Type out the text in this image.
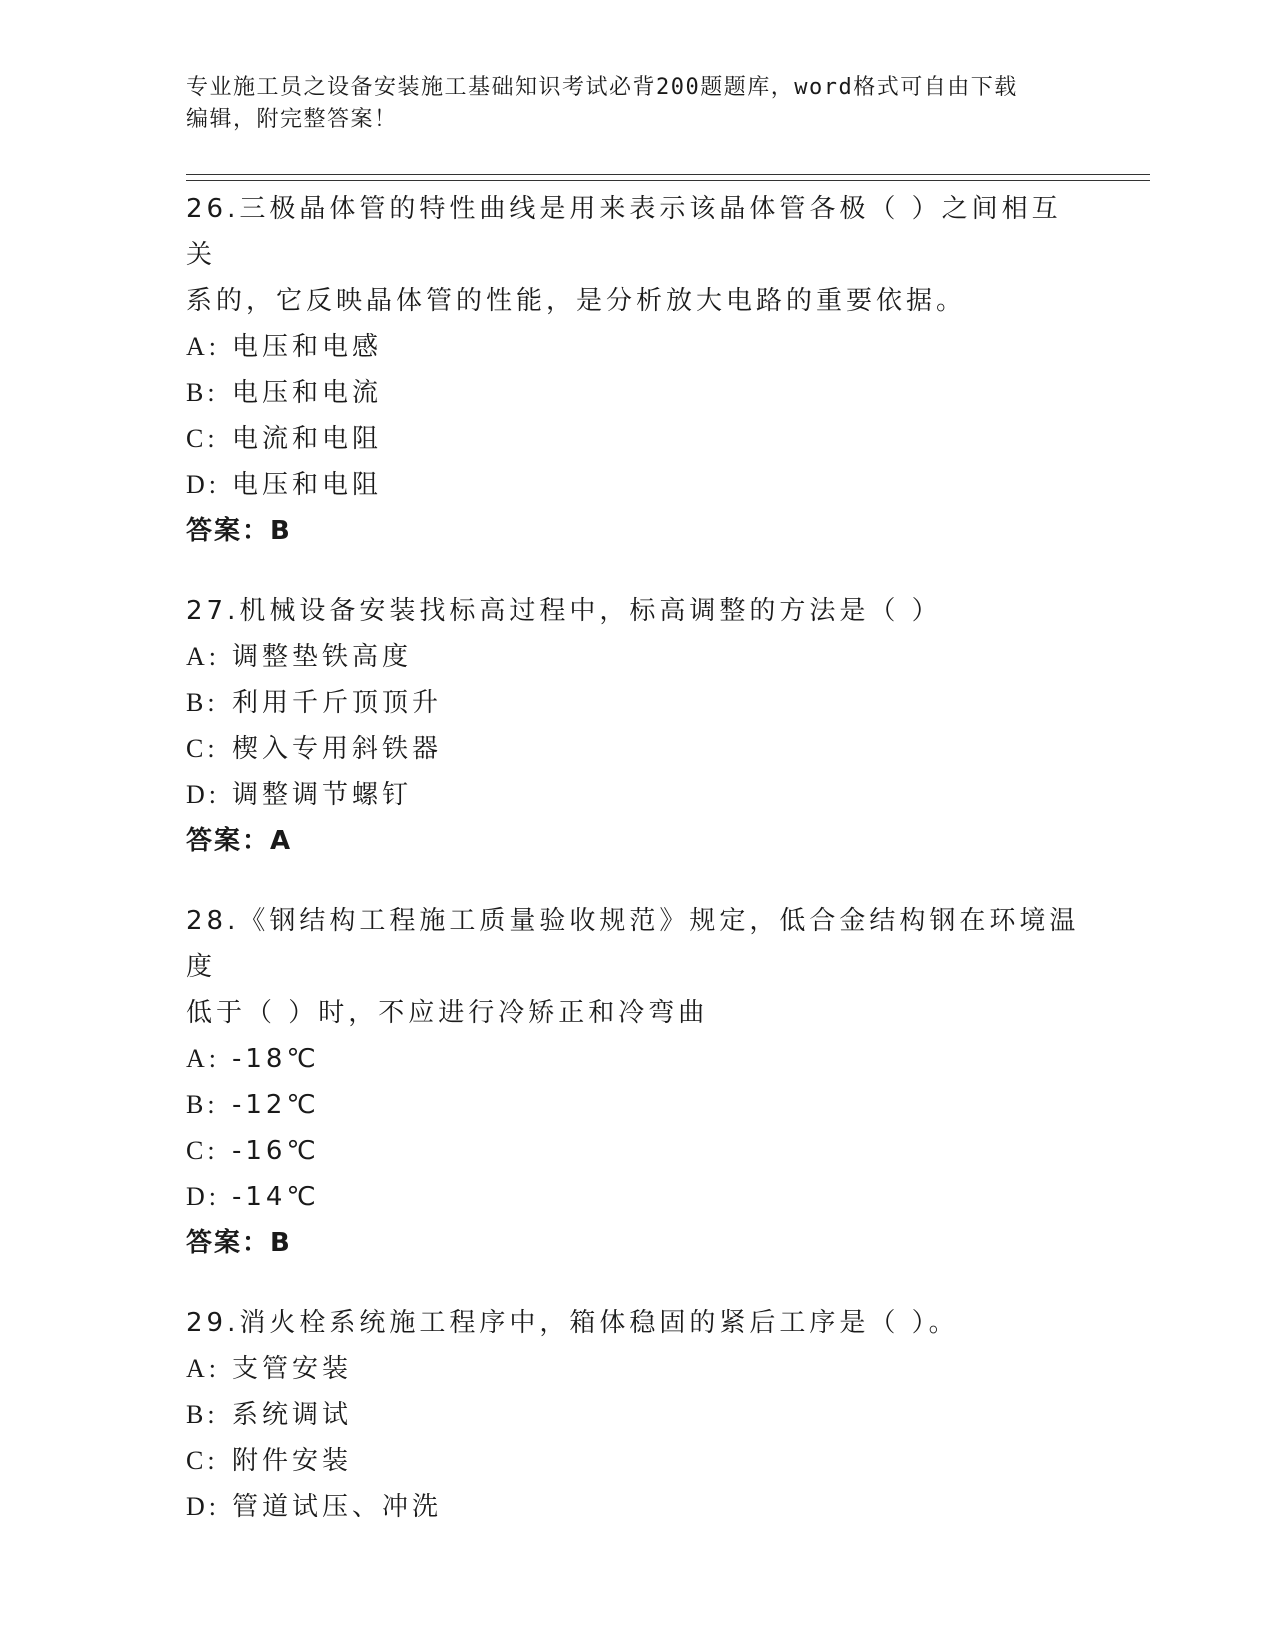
专业施工员之设备安装施工基础知识考试必背200题题库，word格式可自由下载
编辑，附完整答案！

26.三极晶体管的特性曲线是用来表示该晶体管各极（ ）之间相互关

系的，它反映晶体管的性能，是分析放大电路的重要依据。

A: 电压和电感
B: 电压和电流
C: 电流和电阻
D: 电压和电阻

答案：B

27.机械设备安装找标高过程中，标高调整的方法是（ ）

A: 调整垫铁高度
B: 利用千斤顶顶升
C: 楔入专用斜铁器
D: 调整调节螺钉

答案：A

28.《钢结构工程施工质量验收规范》规定，低合金结构钢在环境温度

低于（ ）时，不应进行冷矫正和冷弯曲

A: -18℃
B: -12℃
C: -16℃
D: -14℃

答案：B

29.消火栓系统施工程序中，箱体稳固的紧后工序是（ ）。

A: 支管安装
B: 系统调试
C: 附件安装
D: 管道试压、冲洗
